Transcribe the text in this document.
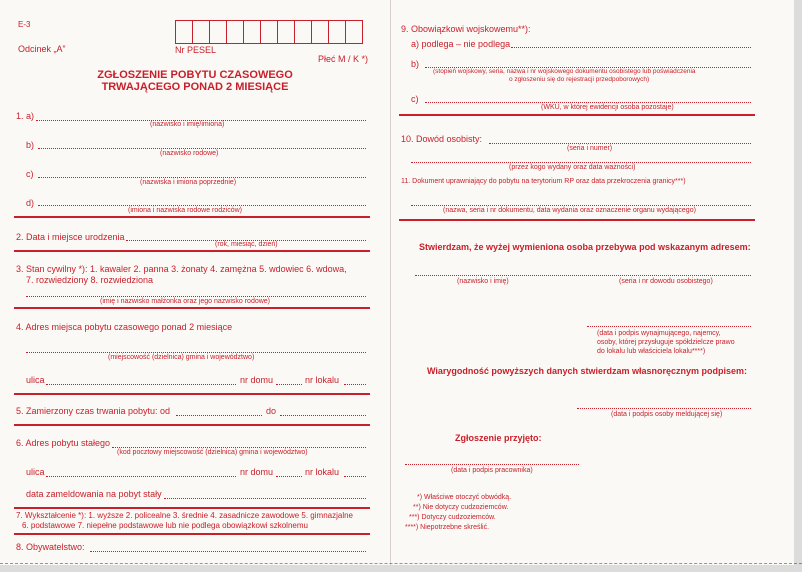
E-3
Odcinek „A”	Nr PESEL
Płeć M / K *)
ZGŁOSZENIE POBYTU CZASOWEGO
TRWAJĄCEGO PONAD 2 MIESIĄCE
1. a)
(nazwisko i imię/imiona)
b)
(nazwisko rodowe)
c)
(nazwiska i imiona poprzednie)
d)
(imiona i nazwiska rodowe rodziców)
2. Data i miejsce urodzenia
(rok, miesiąc, dzień)
3. Stan cywilny *): 1. kawaler 2. panna 3. żonaty 4. zamężna 5. wdowiec 6. wdowa,
7. rozwiedziony 8. rozwiedziona
(imię i nazwisko małżonka oraz jego nazwisko rodowe)
4. Adres miejsca pobytu czasowego ponad 2 miesiące
(miejscowość (dzielnica) gmina i województwo)
ulica	nr domu	nr lokalu
5. Zamierzony czas trwania pobytu: od	do
6. Adres pobytu stałego
(kod pocztowy miejscowość (dzielnica) gmina i województwo)
ulica	nr domu	nr lokalu
data zameldowania na pobyt stały
7. Wykształcenie *): 1. wyższe 2. policealne 3. średnie 4. zasadnicze zawodowe 5. gimnazjalne
6. podstawowe 7. niepełne podstawowe lub nie podlega obowiązkowi szkolnemu
8. Obywatelstwo:
9. Obowiązkowi wojskowemu**):
a) podlega – nie podlega
b)
(stopień wojskowy, seria, nazwa i nr wojskowego dokumentu osobistego lub poświadczenia
o zgłoszeniu się do rejestracji przedpoborowych)
c)
(WKU, w której ewidencji osoba pozostaje)
10. Dowód osobisty:
(seria i numer)
(przez kogo wydany oraz data ważności)
11. Dokument uprawniający do pobytu na terytorium RP oraz data przekroczenia granicy***)
(nazwa, seria i nr dokumentu, data wydania oraz oznaczenie organu wydającego)
Stwierdzam, że wyżej wymieniona osoba przebywa pod wskazanym adresem:
(nazwisko i imię)	(seria i nr dowodu osobistego)
(data i podpis wynajmującego, najemcy,
osoby, której przysługuje spółdzielcze prawo
do lokalu lub właściciela lokalu****)
Wiarygodność powyższych danych stwierdzam własnoręcznym podpisem:
(data i podpis osoby meldującej się)
Zgłoszenie przyjęto:
(data i podpis pracownika)
*) Właściwe otoczyć obwódką.
**) Nie dotyczy cudzoziemców.
***) Dotyczy cudzoziemców.
****) Niepotrzebne skreślić.
